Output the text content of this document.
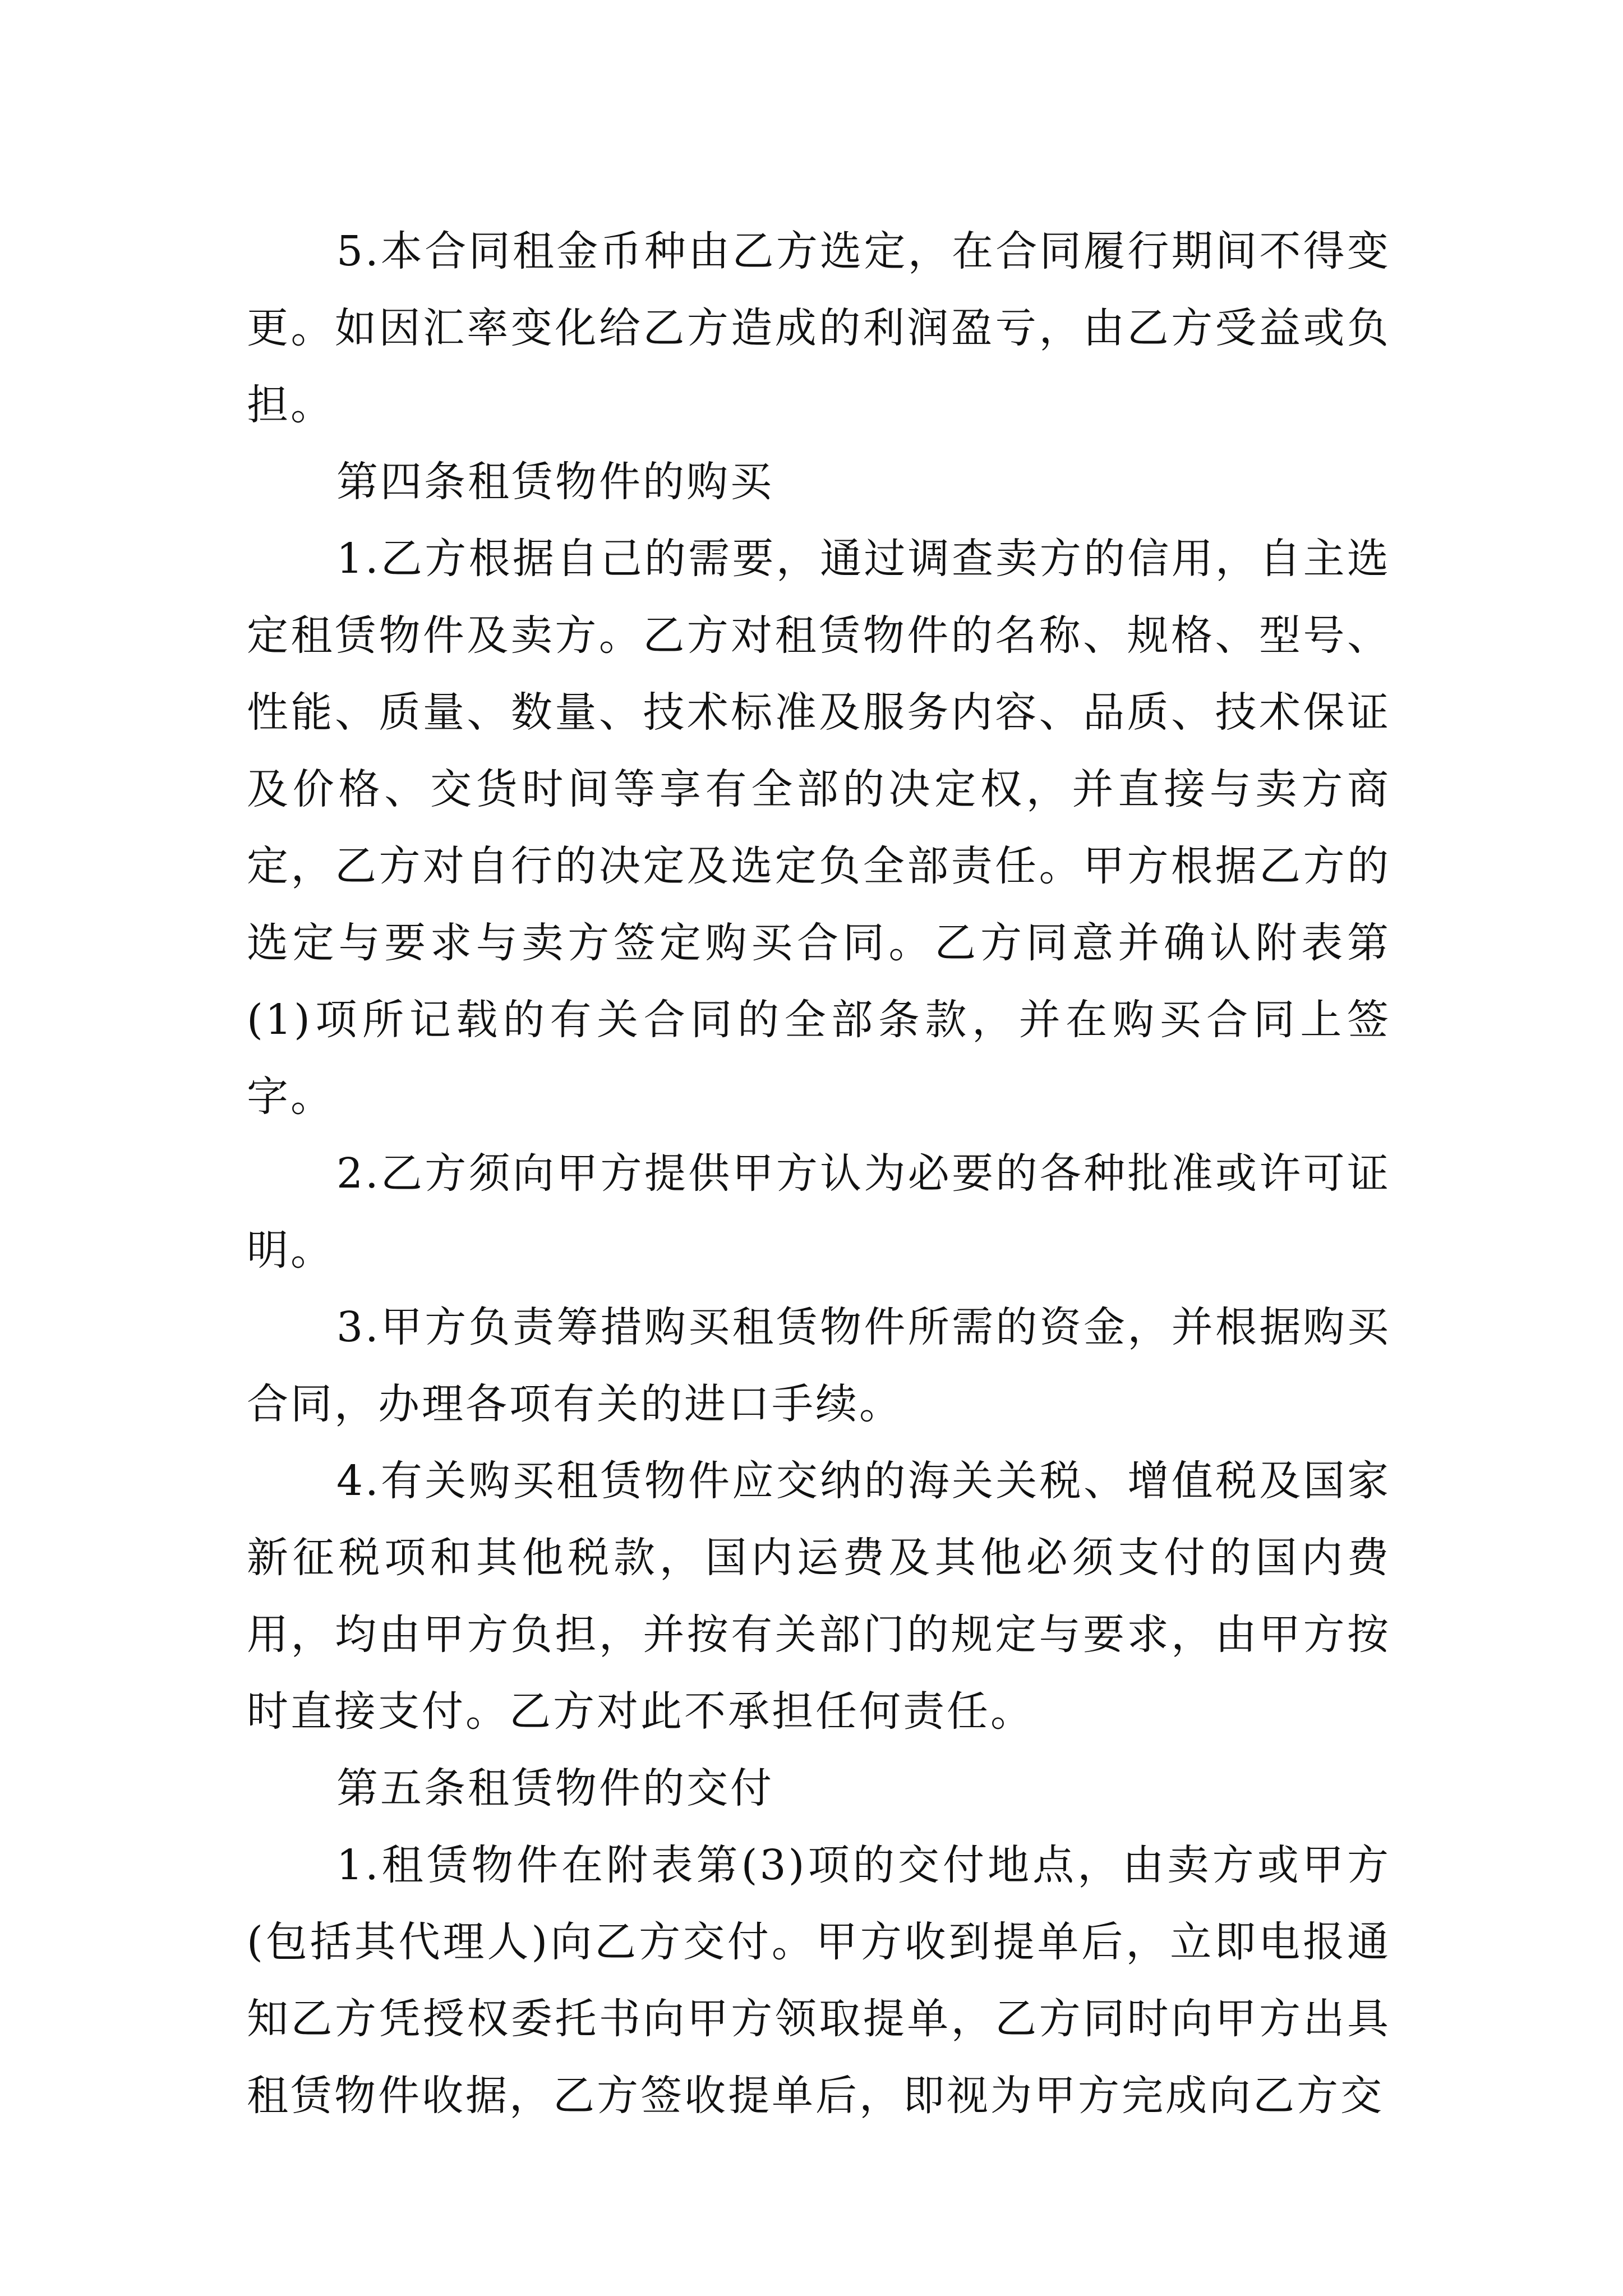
5.本合同租金币种由乙方选定，在合同履行期间不得变更。如因汇率变化给乙方造成的利润盈亏，由乙方受益或负担。

第四条租赁物件的购买

1.乙方根据自己的需要，通过调查卖方的信用，自主选定租赁物件及卖方。乙方对租赁物件的名称、规格、型号、性能、质量、数量、技术标准及服务内容、品质、技术保证及价格、交货时间等享有全部的决定权，并直接与卖方商定，乙方对自行的决定及选定负全部责任。甲方根据乙方的选定与要求与卖方签定购买合同。乙方同意并确认附表第(1)项所记载的有关合同的全部条款，并在购买合同上签字。

2.乙方须向甲方提供甲方认为必要的各种批准或许可证明。

3.甲方负责筹措购买租赁物件所需的资金，并根据购买合同，办理各项有关的进口手续。

4.有关购买租赁物件应交纳的海关关税、增值税及国家新征税项和其他税款，国内运费及其他必须支付的国内费用，均由甲方负担，并按有关部门的规定与要求，由甲方按时直接支付。乙方对此不承担任何责任。

第五条租赁物件的交付

1.租赁物件在附表第(3)项的交付地点，由卖方或甲方(包括其代理人)向乙方交付。甲方收到提单后，立即电报通知乙方凭授权委托书向甲方领取提单，乙方同时向甲方出具租赁物件收据，乙方签收提单后，即视为甲方完成向乙方交
